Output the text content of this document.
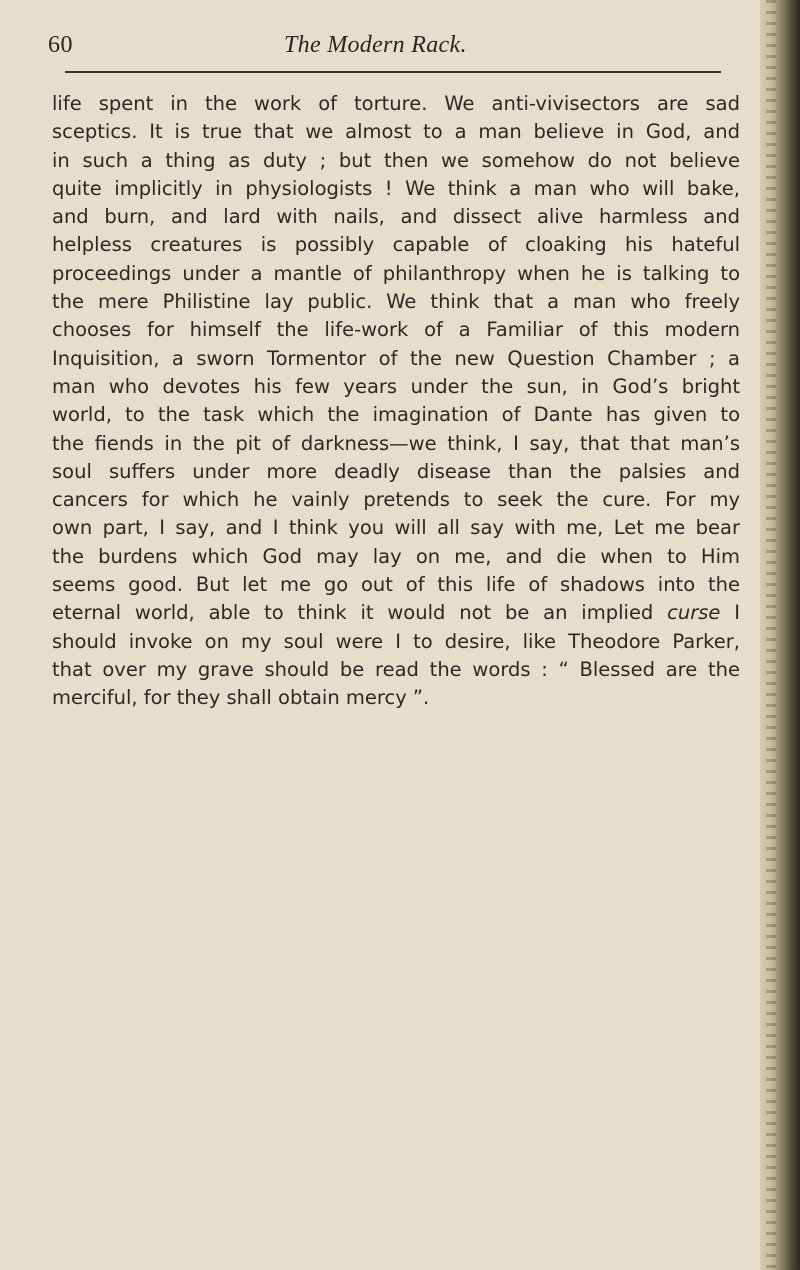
60	The Modern Rack.
life spent in the work of torture. We anti-vivisectors are sad
sceptics. It is true that we almost to a man believe in God, and
in such a thing as duty ; but then we somehow do not believe
quite implicitly in physiologists ! We think a man who will bake,
and burn, and lard with nails, and dissect alive harmless and
helpless creatures is possibly capable of cloaking his hateful
proceedings under a mantle of philanthropy when he is talking to
the mere Philistine lay public. We think that a man who freely
chooses for himself the life-work of a Familiar of this modern
Inquisition, a sworn Tormentor of the new Question Chamber ; a
man who devotes his few years under the sun, in God’s bright
world, to the task which the imagination of Dante has given to
the fiends in the pit of darkness—we think, I say, that that man’s
soul suffers under more deadly disease than the palsies and
cancers for which he vainly pretends to seek the cure. For my
own part, I say, and I think you will all say with me, Let me bear
the burdens which God may lay on me, and die when to Him
seems good. But let me go out of this life of shadows into the
eternal world, able to think it would not be an implied curse I
should invoke on my soul were I to desire, like Theodore Parker,
that over my grave should be read the words : “ Blessed are the
merciful, for they shall obtain mercy ”.
